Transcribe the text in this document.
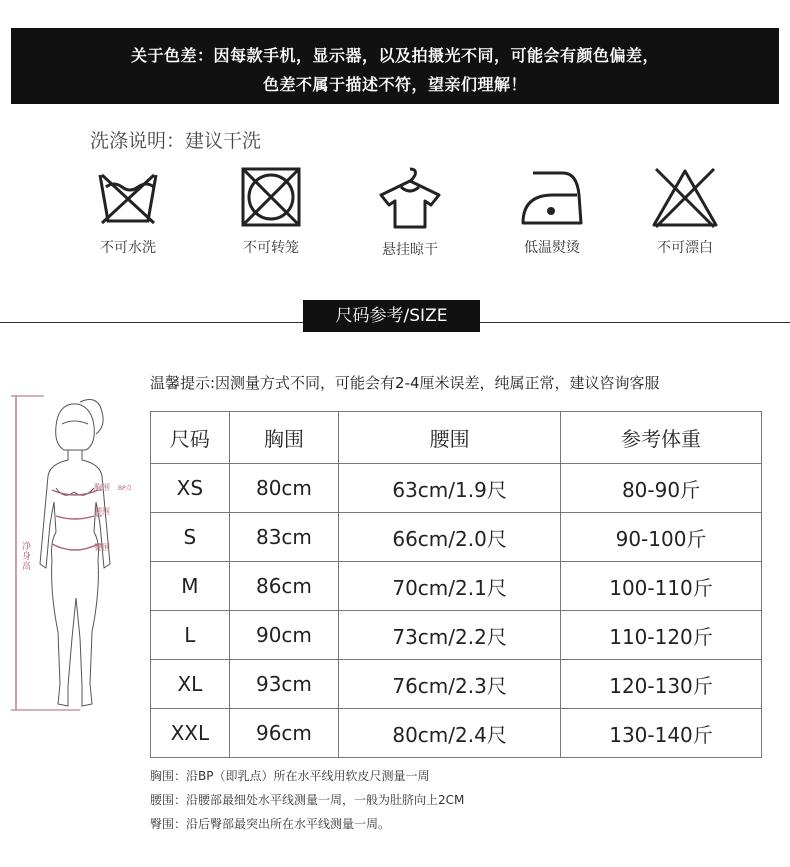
关于色差：因每款手机，显示器，以及拍摄光不同，可能会有颜色偏差，
色差不属于描述不符，望亲们理解！
洗涤说明：建议干洗
不可水洗	不可转笼	悬挂晾干	低温熨烫	不可漂白
尺码参考/SIZE
温馨提示:因测量方式不同，可能会有2-4厘米误差，纯属正常，建议咨询客服
胸围 BP点
腰围
臀围
净身高
尺码	胸围	腰围	参考体重
XS	80cm	63cm/1.9尺	80-90斤
S	83cm	66cm/2.0尺	90-100斤
M	86cm	70cm/2.1尺	100-110斤
L	90cm	73cm/2.2尺	110-120斤
XL	93cm	76cm/2.3尺	120-130斤
XXL	96cm	80cm/2.4尺	130-140斤
胸围：沿BP（即乳点）所在水平线用软皮尺测量一周
腰围：沿腰部最细处水平线测量一周，一般为肚脐向上2CM
臀围：沿后臀部最突出所在水平线测量一周。
